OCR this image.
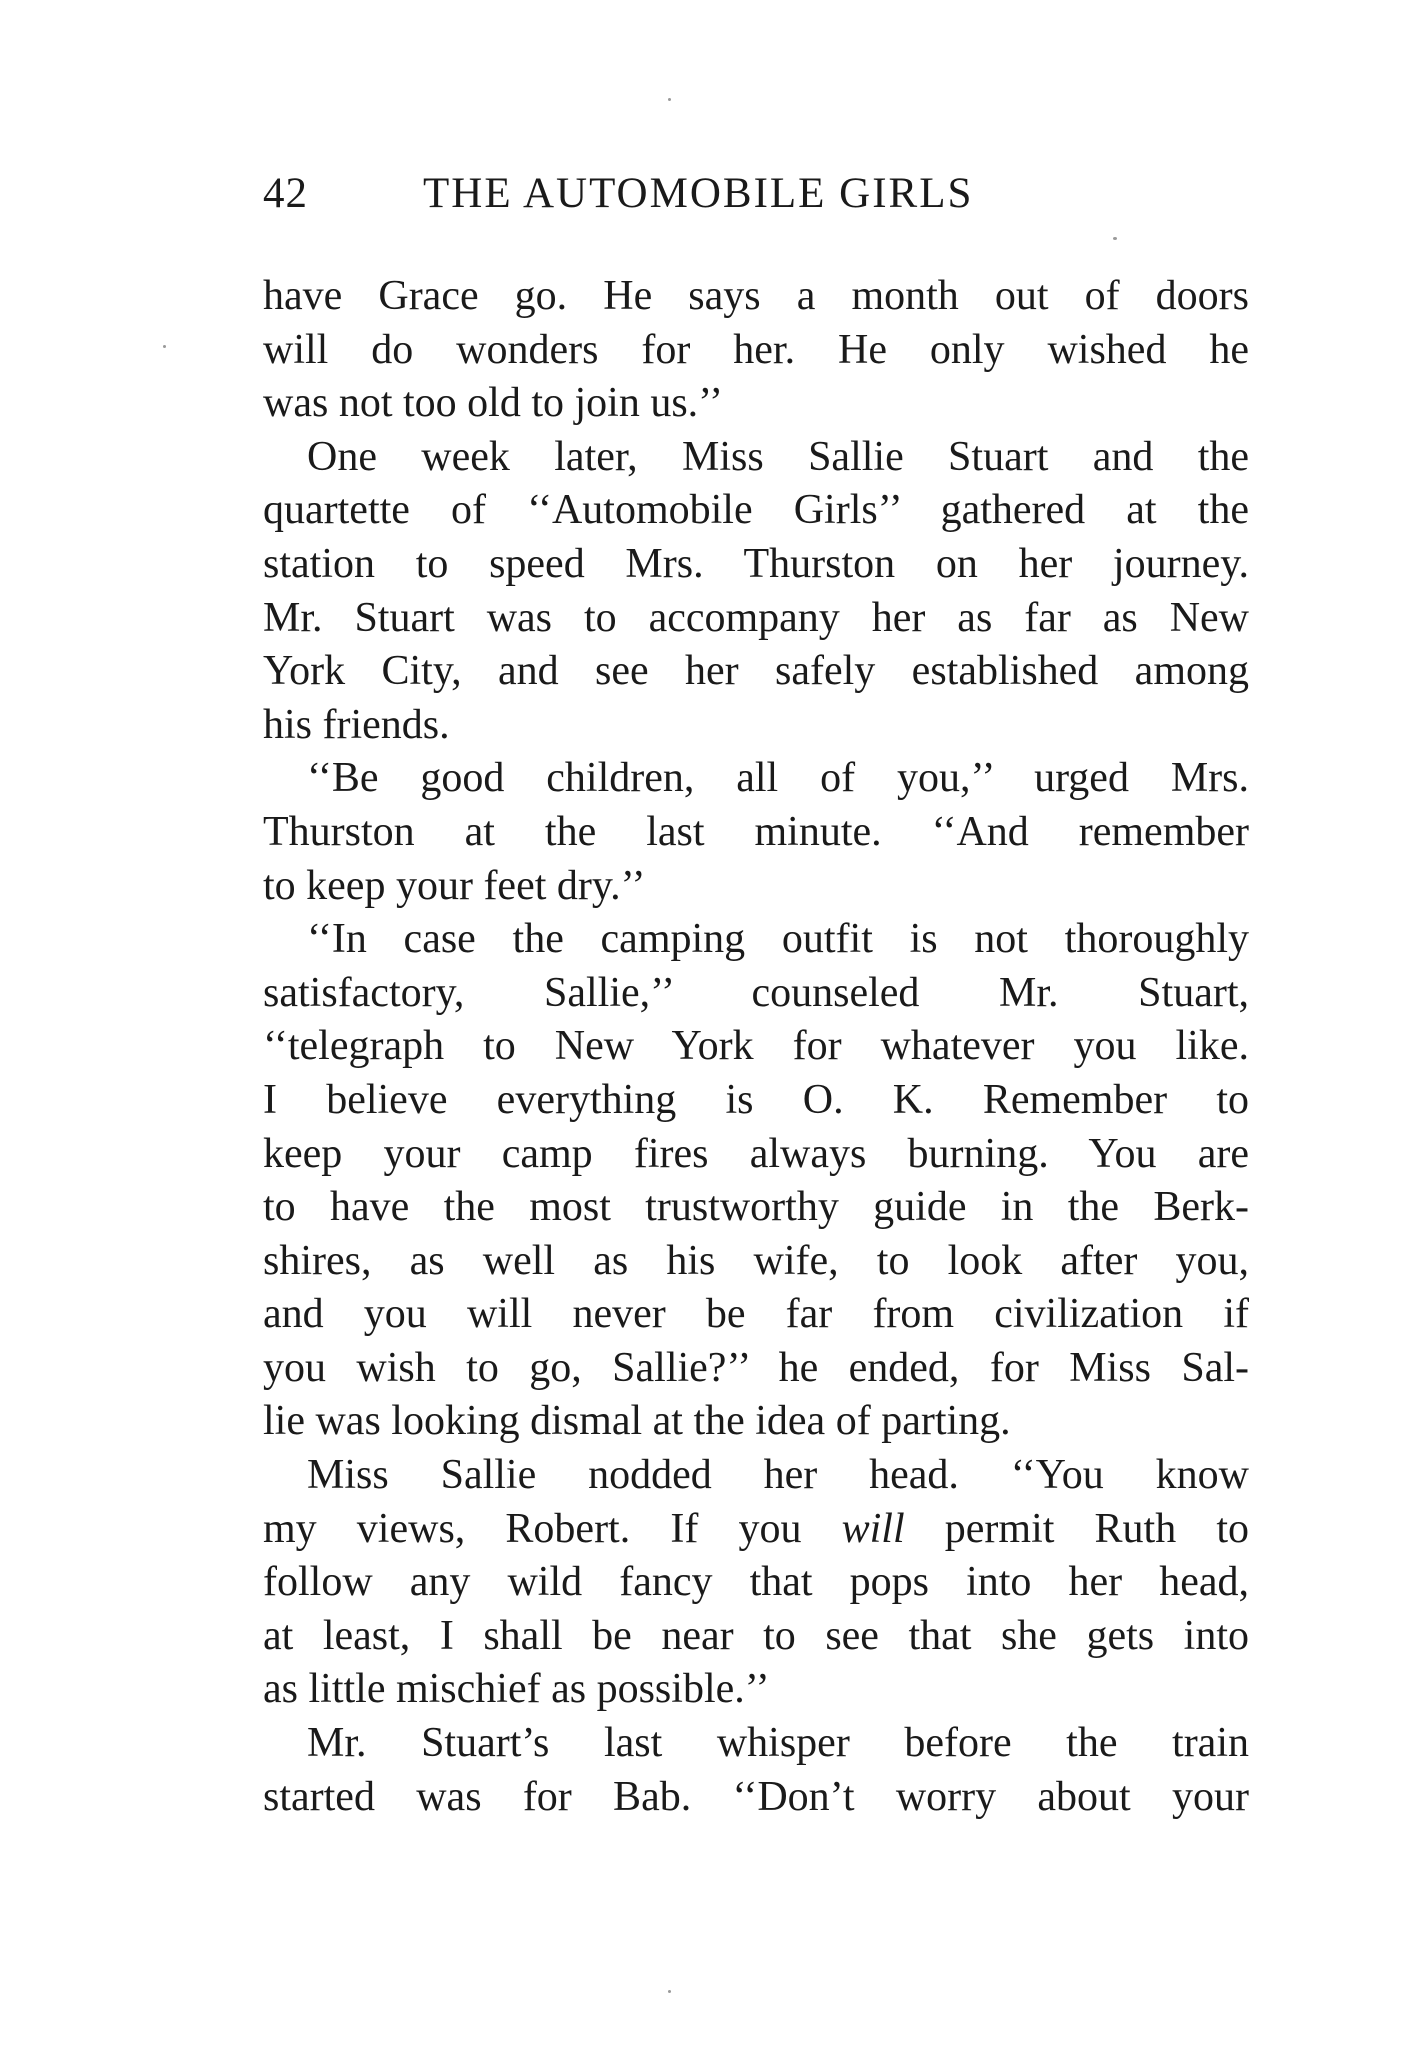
42	THE AUTOMOBILE GIRLS
have Grace go. He says a month out of doors
will do wonders for her. He only wished he
was not too old to join us.’’
One week later, Miss Sallie Stuart and the
quartette of ‘‘Automobile Girls’’ gathered at the
station to speed Mrs. Thurston on her journey.
Mr. Stuart was to accompany her as far as New
York City, and see her safely established among
his friends.
‘‘Be good children, all of you,’’ urged Mrs.
Thurston at the last minute. ‘‘And remember
to keep your feet dry.’’
‘‘In case the camping outfit is not thoroughly
satisfactory, Sallie,’’ counseled Mr. Stuart,
‘‘telegraph to New York for whatever you like.
I believe everything is O. K. Remember to
keep your camp fires always burning. You are
to have the most trustworthy guide in the Berk-
shires, as well as his wife, to look after you,
and you will never be far from civilization if
you wish to go, Sallie?’’ he ended, for Miss Sal-
lie was looking dismal at the idea of parting.
Miss Sallie nodded her head. ‘‘You know
my views, Robert. If you will permit Ruth to
follow any wild fancy that pops into her head,
at least, I shall be near to see that she gets into
as little mischief as possible.’’
Mr. Stuart’s last whisper before the train
started was for Bab. ‘‘Don’t worry about your
